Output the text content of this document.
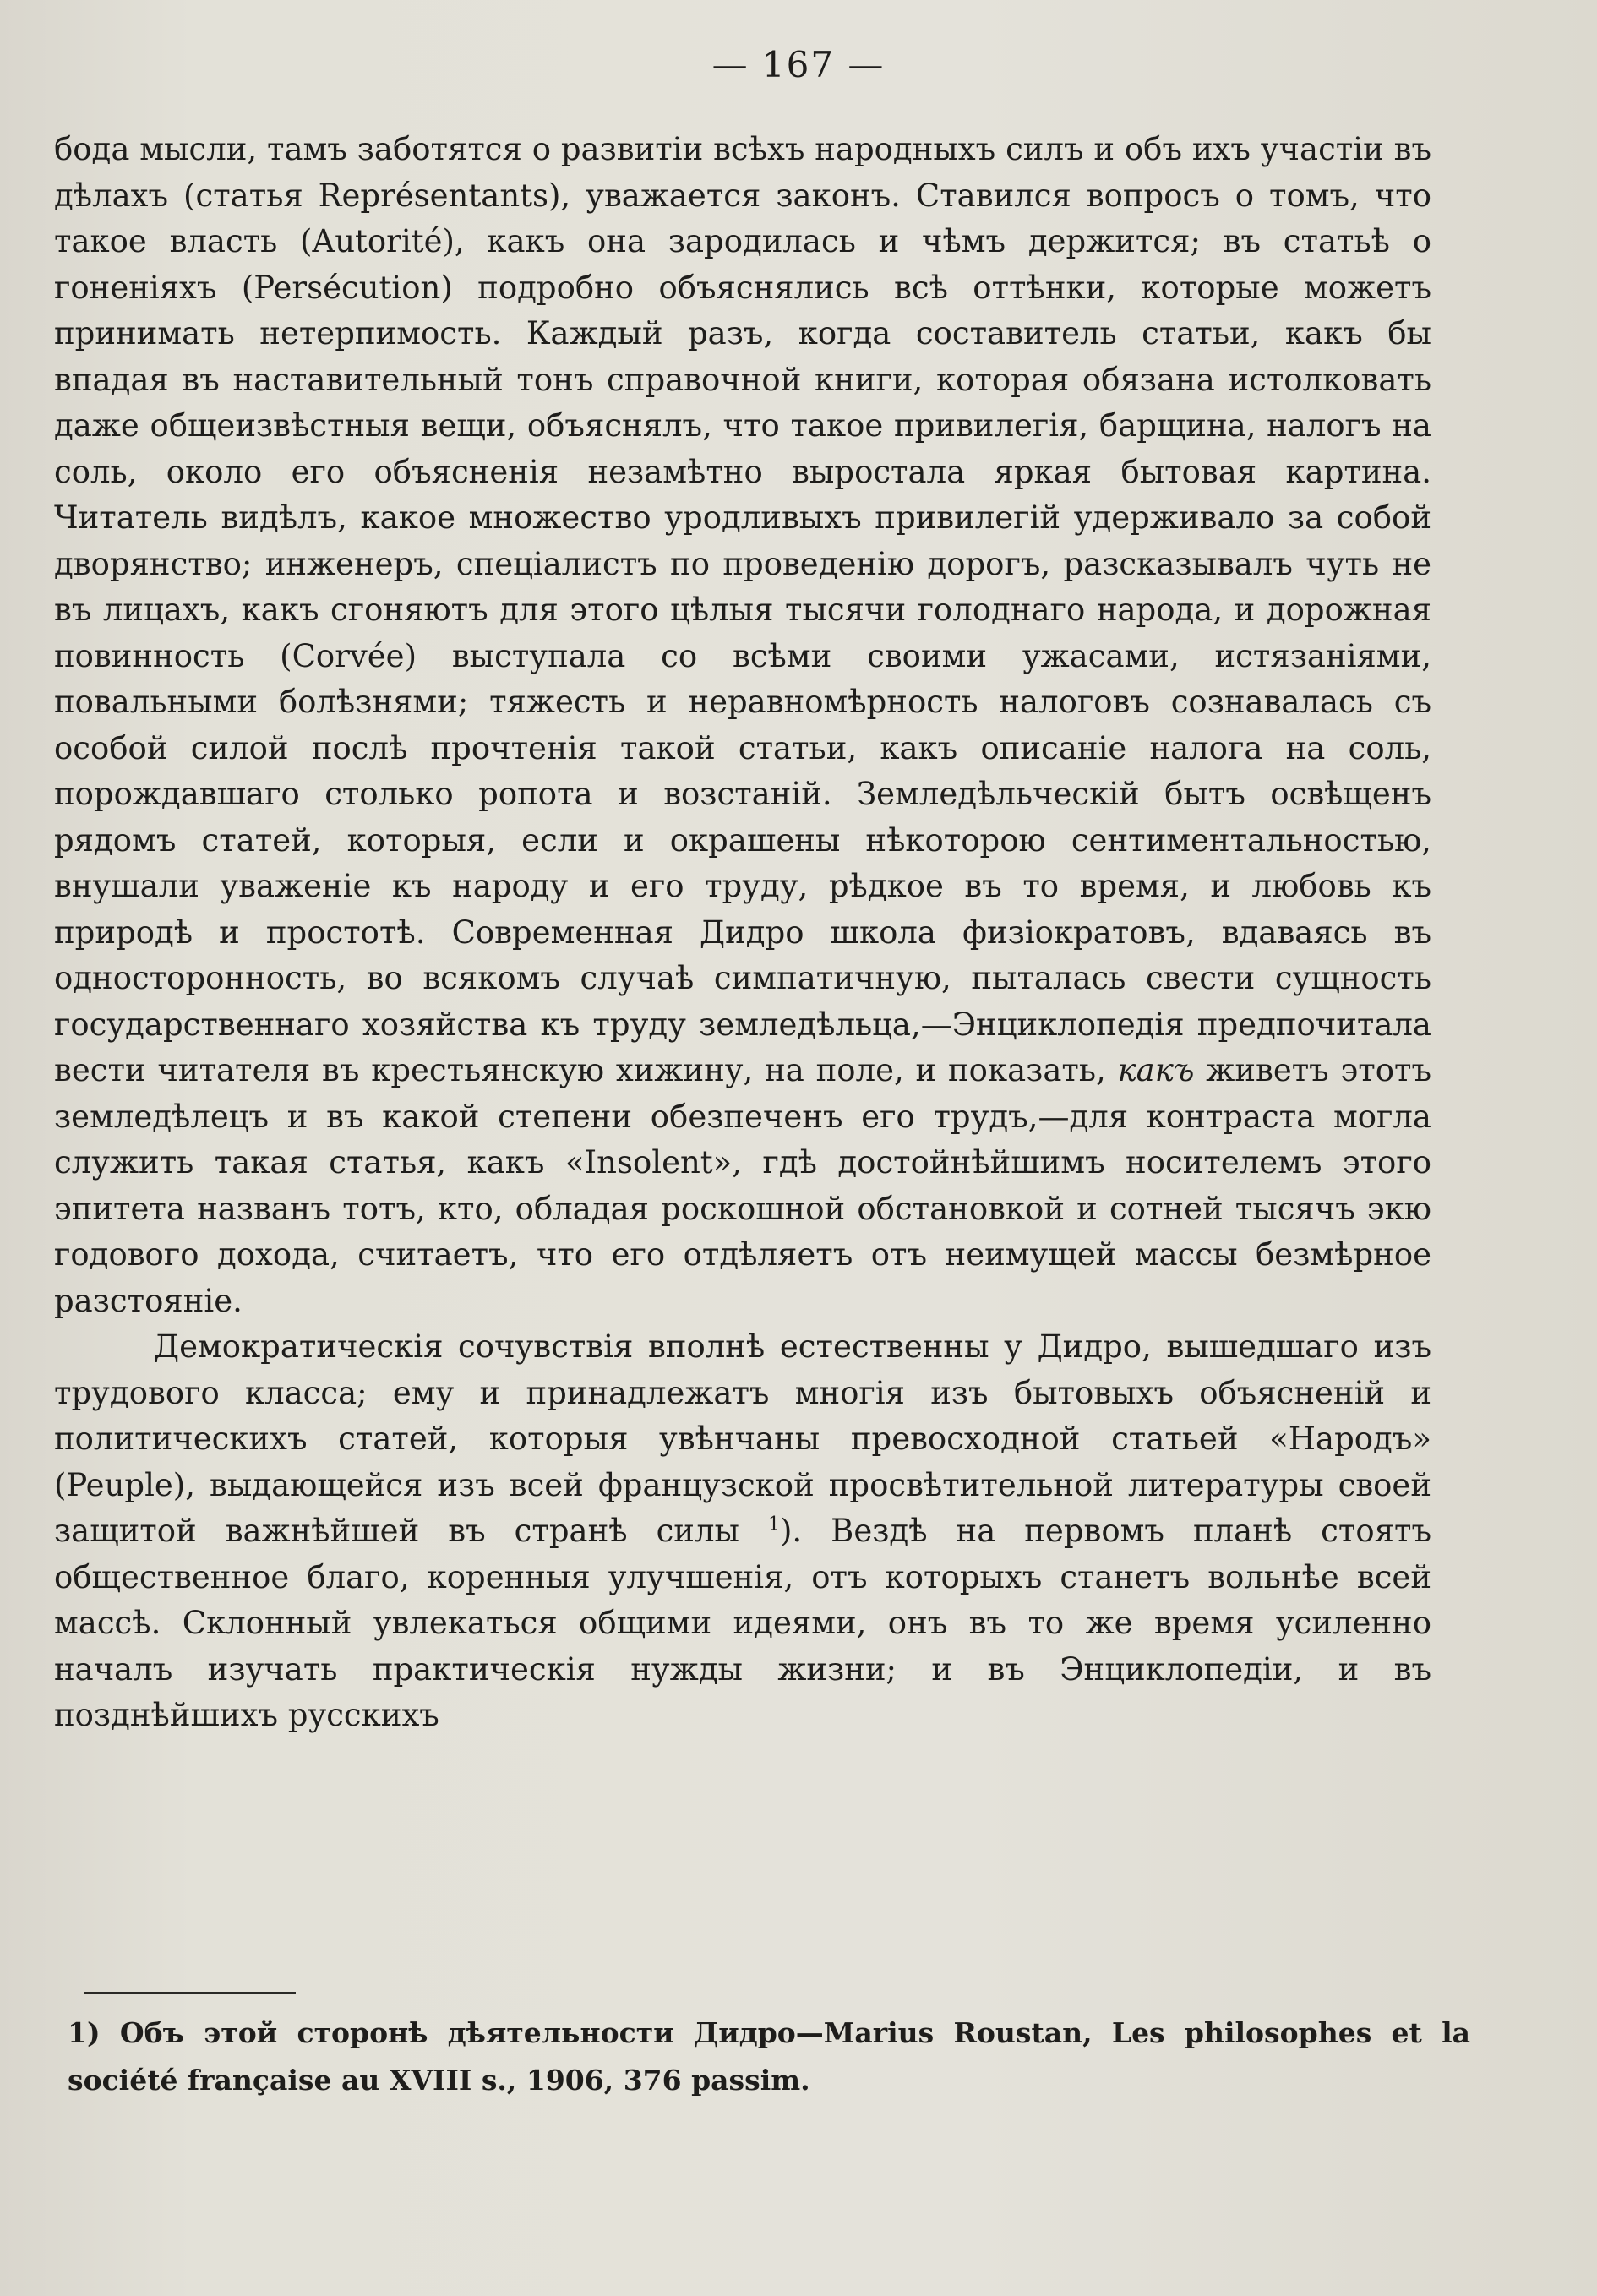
— 167 —

бода мысли, тамъ заботятся о развитіи всѣхъ народныхъ силъ и объ ихъ участіи въ дѣлахъ (статья Représentants), уважается законъ. Ставился вопросъ о томъ, что такое власть (Autorité), какъ она зародилась и чѣмъ держится; въ статьѣ о гоненіяхъ (Persécution) подробно объяснялись всѣ оттѣнки, которые можетъ принимать нетерпимость. Каждый разъ, когда составитель статьи, какъ бы впадая въ наставительный тонъ справочной книги, которая обязана истолковать даже общеизвѣстныя вещи, объяснялъ, что такое привилегія, барщина, налогъ на соль, около его объясненія незамѣтно выростала яркая бытовая картина. Читатель видѣлъ, какое множество уродливыхъ привилегій удерживало за собой дворянство; инженеръ, спеціалистъ по проведенію дорогъ, разсказывалъ чуть не въ лицахъ, какъ сгоняютъ для этого цѣлыя тысячи голоднаго народа, и дорожная повинность (Corvée) выступала со всѣми своими ужасами, истязаніями, повальными болѣзнями; тяжесть и неравномѣрность налоговъ сознавалась съ особой силой послѣ прочтенія такой статьи, какъ описаніе налога на соль, порождавшаго столько ропота и возстаній. Земледѣльческій бытъ освѣщенъ рядомъ статей, которыя, если и окрашены нѣкоторою сентиментальностью, внушали уваженіе къ народу и его труду, рѣдкое въ то время, и любовь къ природѣ и простотѣ. Современная Дидро школа физіократовъ, вдаваясь въ односторонность, во всякомъ случаѣ симпатичную, пыталась свести сущность государственнаго хозяйства къ труду земледѣльца,—Энциклопедія предпочитала вести читателя въ крестьянскую хижину, на поле, и показать, какъ живетъ этотъ земледѣлецъ и въ какой степени обезпеченъ его трудъ,—для контраста могла служить такая статья, какъ «Insolent», гдѣ достойнѣйшимъ носителемъ этого эпитета названъ тотъ, кто, обладая роскошной обстановкой и сотней тысячъ экю годового дохода, считаетъ, что его отдѣляетъ отъ неимущей массы безмѣрное разстояніе.

Демократическія сочувствія вполнѣ естественны у Дидро, вышедшаго изъ трудового класса; ему и принадлежатъ многія изъ бытовыхъ объясненій и политическихъ статей, которыя увѣнчаны превосходной статьей «Народъ» (Peuple), выдающейся изъ всей французской просвѣтительной литературы своей защитой важнѣйшей въ странѣ силы $^1$). Вездѣ на первомъ планѣ стоятъ общественное благо, коренныя улучшенія, отъ которыхъ станетъ вольнѣе всей массѣ. Склонный увлекаться общими идеями, онъ въ то же время усиленно началъ изучать практическія нужды жизни; и въ Энциклопедіи, и въ позднѣйшихъ русскихъ

1) Объ этой сторонѣ дѣятельности Дидро—Marius Roustan, Les philosophes et la société française au XVIII s., 1906, 376 passim.
